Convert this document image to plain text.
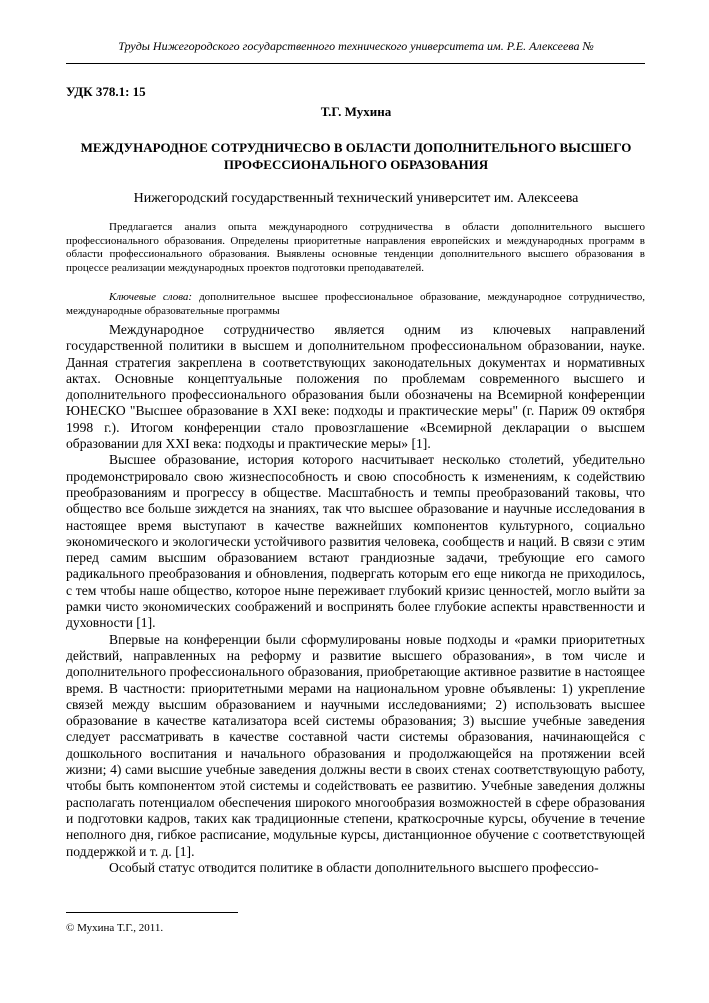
Труды Нижегородского государственного технического университета им. Р.Е. Алексеева №
УДК 378.1: 15
Т.Г. Мухина
МЕЖДУНАРОДНОЕ СОТРУДНИЧЕСВО В ОБЛАСТИ ДОПОЛНИТЕЛЬНОГО ВЫСШЕГО ПРОФЕССИОНАЛЬНОГО ОБРАЗОВАНИЯ
Нижегородский государственный технический университет им. Алексеева
Предлагается анализ опыта международного сотрудничества в области дополнительного высшего профессионального образования. Определены приоритетные направления европейских и международных программ в области профессионального образования. Выявлены основные тенденции дополнительного высшего образования в процессе реализации международных проектов подготовки преподавателей.
Ключевые слова: дополнительное высшее профессиональное образование, международное сотрудничество, международные образовательные программы

Международное сотрудничество является одним из ключевых направлений государственной политики в высшем и дополнительном профессиональном образовании, науке. Данная стратегия закреплена в соответствующих законодательных документах и нормативных актах. Основные концептуальные положения по проблемам современного высшего и дополнительного профессионального образования были обозначены на Всемирной конференции ЮНЕСКО "Высшее образование в XXI веке: подходы и практические меры" (г. Париж 09 октября 1998 г.). Итогом конференции стало провозглашение «Всемирной декларации о высшем образовании для XXI века: подходы и практические меры» [1].

Высшее образование, история которого насчитывает несколько столетий, убедительно продемонстрировало свою жизнеспособность и свою способность к изменениям, к содействию преобразованиям и прогрессу в обществе. Масштабность и темпы преобразований таковы, что общество все больше зиждется на знаниях, так что высшее образование и научные исследования в настоящее время выступают в качестве важнейших компонентов культурного, социально экономического и экологически устойчивого развития человека, сообществ и наций. В связи с этим перед самим высшим образованием встают грандиозные задачи, требующие его самого радикального преобразования и обновления, подвергать которым его еще никогда не приходилось, с тем чтобы наше общество, которое ныне переживает глубокий кризис ценностей, могло выйти за рамки чисто экономических соображений и воспринять более глубокие аспекты нравственности и духовности [1].

Впервые на конференции были сформулированы новые подходы и «рамки приоритетных действий, направленных на реформу и развитие высшего образования», в том числе и дополнительного профессионального образования, приобретающие активное развитие в настоящее время. В частности: приоритетными мерами на национальном уровне объявлены: 1) укрепление связей между высшим образованием и научными исследованиями; 2) использовать высшее образование в качестве катализатора всей системы образования; 3) высшие учебные заведения следует рассматривать в качестве составной части системы образования, начинающейся с дошкольного воспитания и начального образования и продолжающейся на протяжении всей жизни; 4) сами высшие учебные заведения должны вести в своих стенах соответствующую работу, чтобы быть компонентом этой системы и содействовать ее развитию. Учебные заведения должны располагать потенциалом обеспечения широкого многообразия возможностей в сфере образования и подготовки кадров, таких как традиционные степени, краткосрочные курсы, обучение в течение неполного дня, гибкое расписание, модульные курсы, дистанционное обучение с соответствующей поддержкой и т. д. [1].

Особый статус отводится политике в области дополнительного высшего профессио-

© Мухина Т.Г., 2011.
